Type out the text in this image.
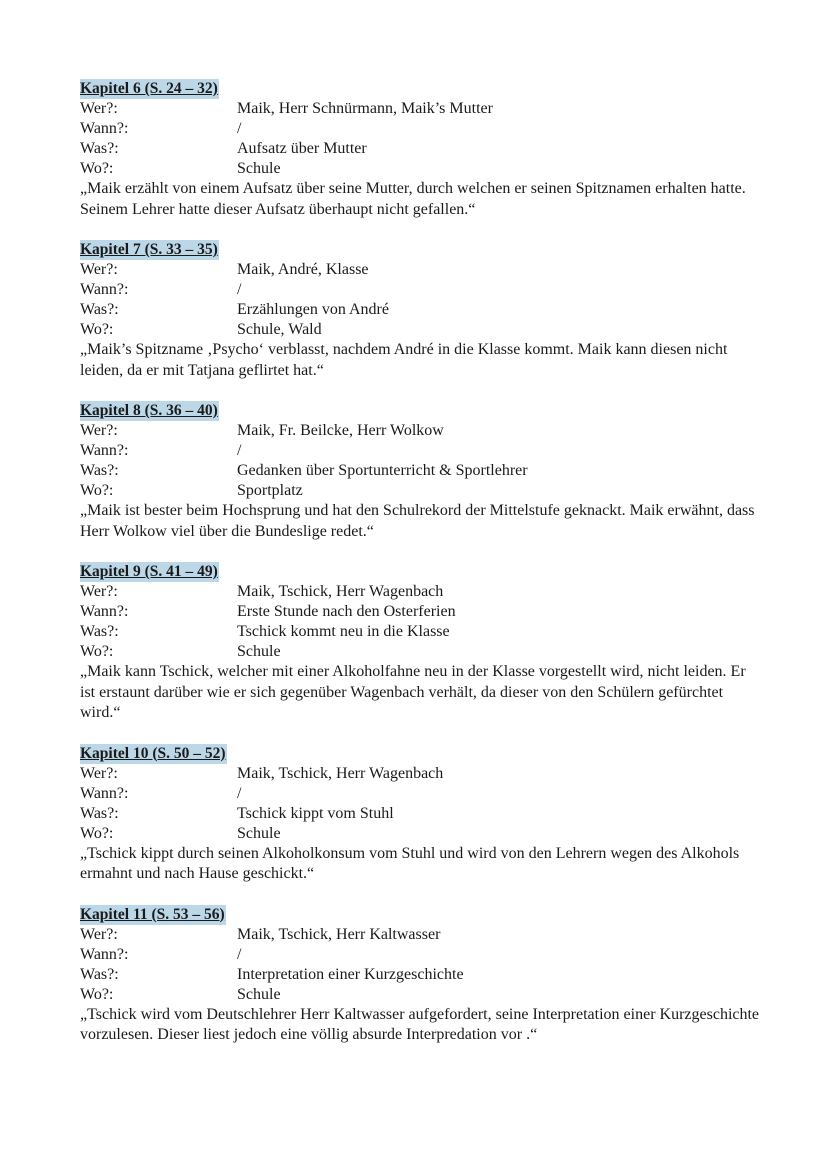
Kapitel 6 (S. 24 – 32)
Wer?:	Maik, Herr Schnürmann, Maik’s Mutter
Wann?:	/
Was?:	Aufsatz über Mutter
Wo?:	Schule

„Maik erzählt von einem Aufsatz über seine Mutter, durch welchen er seinen Spitznamen erhalten hatte. Seinem Lehrer hatte dieser Aufsatz überhaupt nicht gefallen.“

Kapitel 7 (S. 33 – 35)
Wer?:	Maik, André, Klasse
Wann?:	/
Was?:	Erzählungen von André
Wo?:	Schule, Wald

„Maik’s Spitzname ‚Psycho‘ verblasst, nachdem André in die Klasse kommt. Maik kann diesen nicht leiden, da er mit Tatjana geflirtet hat.“

Kapitel 8 (S. 36 – 40)
Wer?:	Maik, Fr. Beilcke, Herr Wolkow
Wann?:	/
Was?:	Gedanken über Sportunterricht & Sportlehrer
Wo?:	Sportplatz

„Maik ist bester beim Hochsprung und hat den Schulrekord der Mittelstufe geknackt. Maik erwähnt, dass Herr Wolkow viel über die Bundeslige redet.“

Kapitel 9 (S. 41 – 49)
Wer?:	Maik, Tschick, Herr Wagenbach
Wann?:	Erste Stunde nach den Osterferien
Was?:	Tschick kommt neu in die Klasse
Wo?:	Schule

„Maik kann Tschick, welcher mit einer Alkoholfahne neu in der Klasse vorgestellt wird, nicht leiden. Er ist erstaunt darüber wie er sich gegenüber Wagenbach verhält, da dieser von den Schülern gefürchtet wird.“

Kapitel 10 (S. 50 – 52)
Wer?:	Maik, Tschick, Herr Wagenbach
Wann?:	/
Was?:	Tschick kippt vom Stuhl
Wo?:	Schule

„Tschick kippt durch seinen Alkoholkonsum vom Stuhl und wird von den Lehrern wegen des Alkohols ermahnt und nach Hause geschickt.“

Kapitel 11 (S. 53 – 56)
Wer?:	Maik, Tschick, Herr Kaltwasser
Wann?:	/
Was?:	Interpretation einer Kurzgeschichte
Wo?:	Schule

„Tschick wird vom Deutschlehrer Herr Kaltwasser aufgefordert, seine Interpretation einer Kurzgeschichte vorzulesen. Dieser liest jedoch eine völlig absurde Interpredation vor .“
